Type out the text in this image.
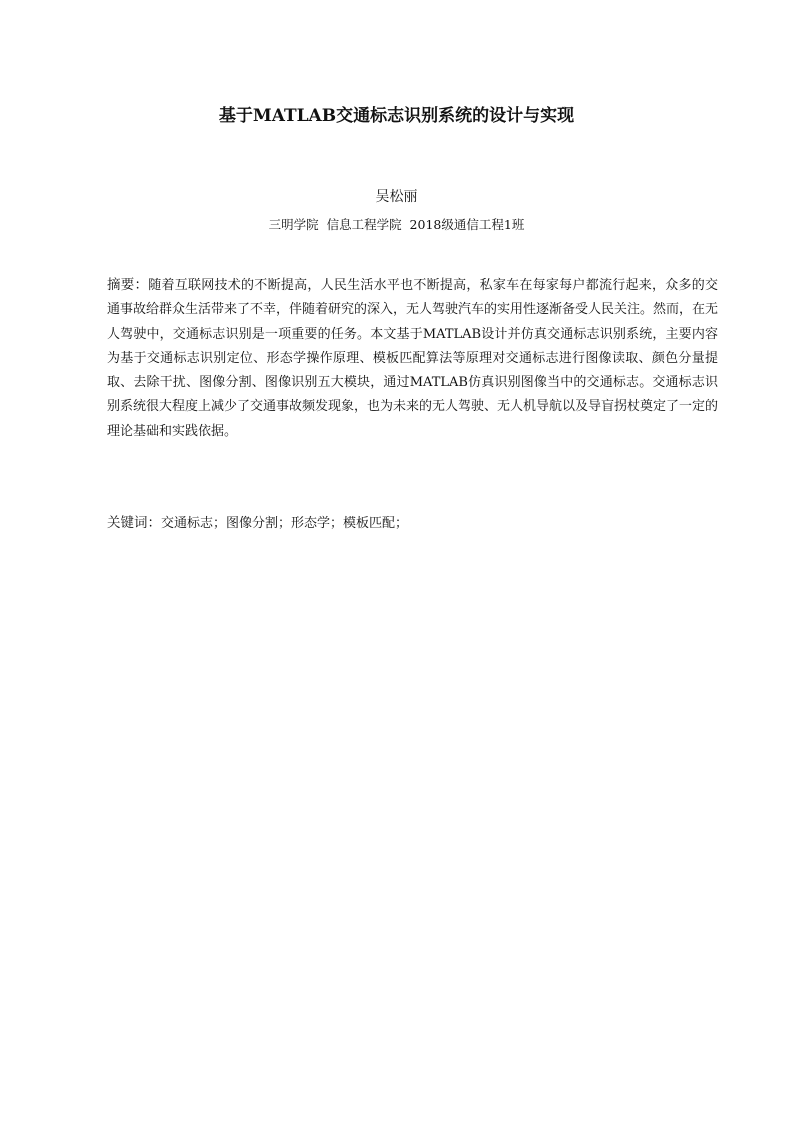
基于MATLAB交通标志识别系统的设计与实现
吴松丽
三明学院  信息工程学院  2018级通信工程1班

摘要：随着互联网技术的不断提高，人民生活水平也不断提高，私家车在每家每户都流行起来，众多的交通事故给群众生活带来了不幸，伴随着研究的深入，无人驾驶汽车的实用性逐渐备受人民关注。然而，在无人驾驶中，交通标志识别是一项重要的任务。本文基于MATLAB设计并仿真交通标志识别系统，主要内容为基于交通标志识别定位、形态学操作原理、模板匹配算法等原理对交通标志进行图像读取、颜色分量提取、去除干扰、图像分割、图像识别五大模块，通过MATLAB仿真识别图像当中的交通标志。交通标志识别系统很大程度上减少了交通事故频发现象，也为未来的无人驾驶、无人机导航以及导盲拐杖奠定了一定的理论基础和实践依据。

关键词：交通标志；图像分割；形态学；模板匹配；
